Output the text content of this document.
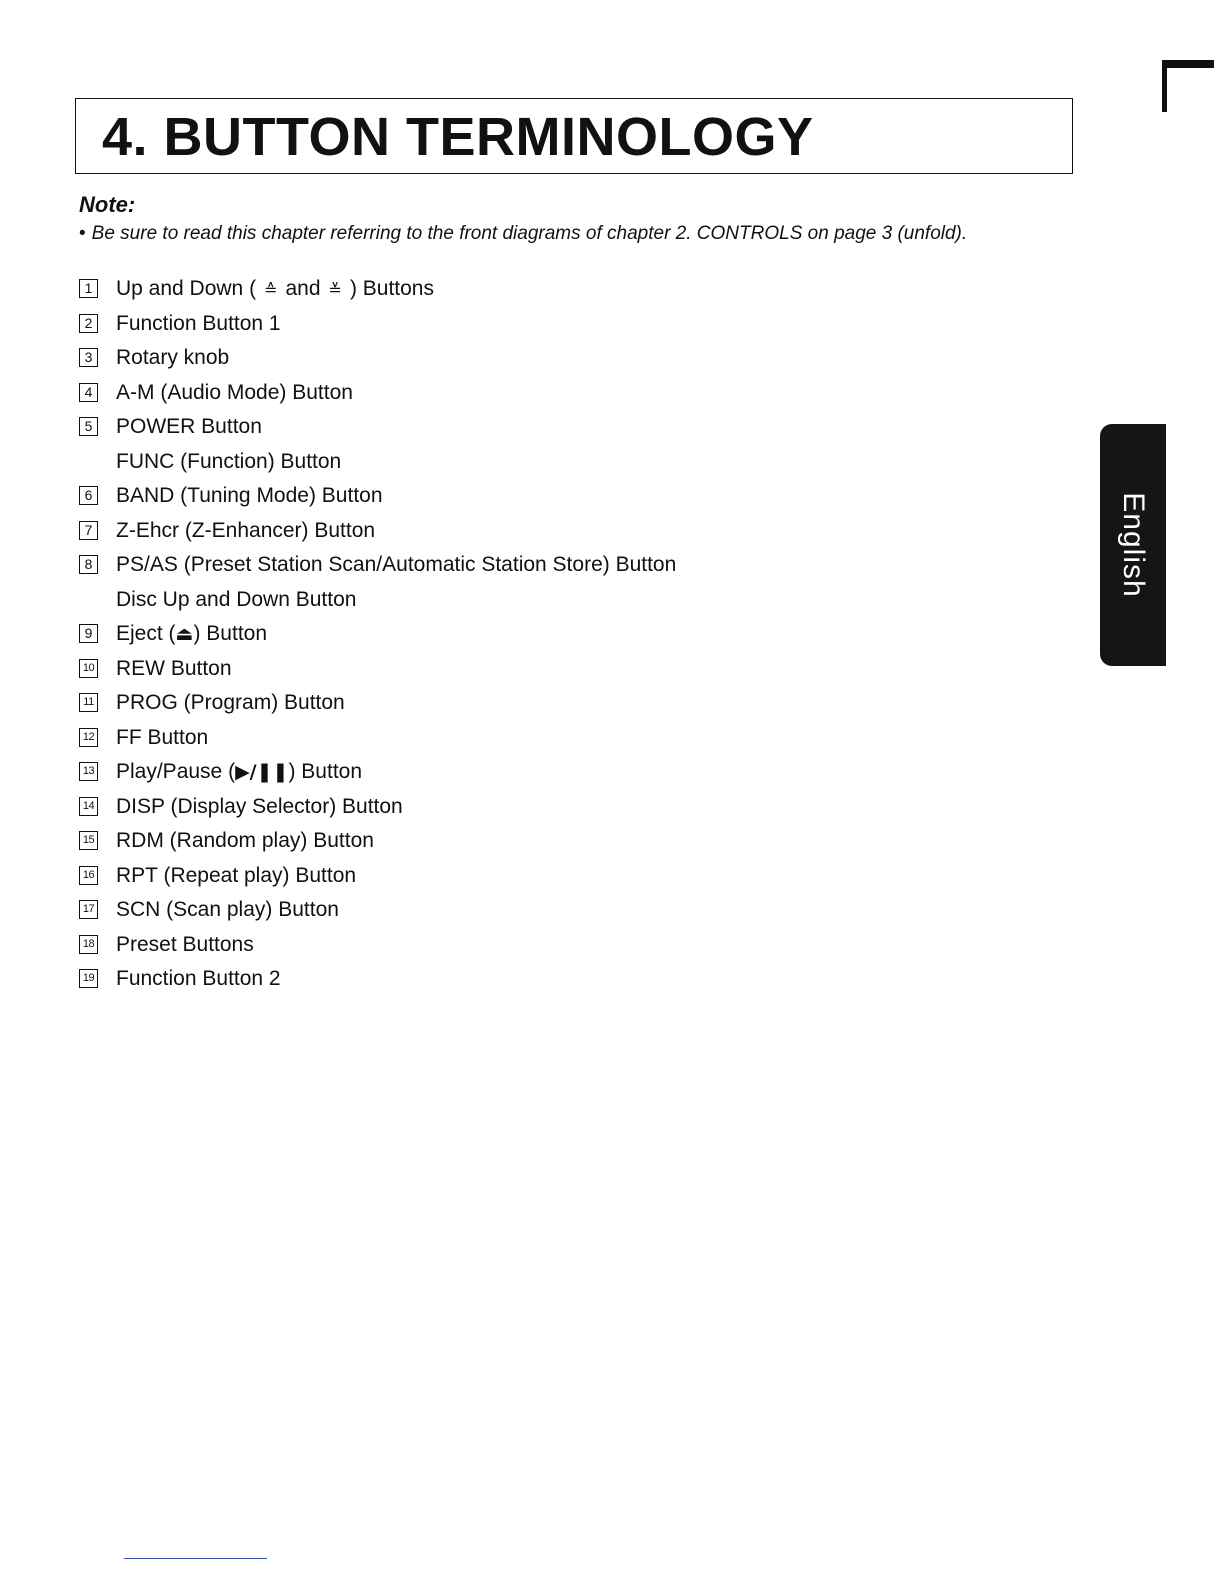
4. BUTTON TERMINOLOGY
Note:
• Be sure to read this chapter referring to the front diagrams of chapter 2. CONTROLS on page 3 (unfold).
1 Up and Down ( ≙ and ≚ ) Buttons
2 Function Button 1
3 Rotary knob
4 A-M (Audio Mode) Button
5 POWER Button
FUNC (Function) Button
6 BAND (Tuning Mode) Button
7 Z-Ehcr (Z-Enhancer) Button
8 PS/AS (Preset Station Scan/Automatic Station Store) Button
Disc Up and Down Button
9 Eject (⏏) Button
10 REW Button
11 PROG (Program) Button
12 FF Button
13 Play/Pause (▶/❚❚) Button
14 DISP (Display Selector) Button
15 RDM (Random play) Button
16 RPT (Repeat play) Button
17 SCN (Scan play) Button
18 Preset Buttons
19 Function Button 2
English
